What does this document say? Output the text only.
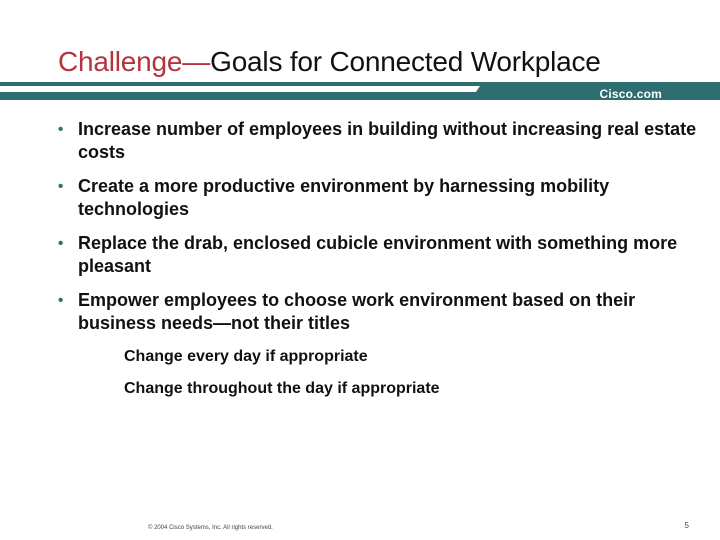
Challenge—Goals for Connected Workplace
Cisco.com
• Increase number of employees in building without increasing real estate costs
• Create a more productive environment by harnessing mobility technologies
• Replace the drab, enclosed cubicle environment with something more pleasant
• Empower employees to choose work environment based on their business needs—not their titles
Change every day if appropriate
Change throughout the day if appropriate
© 2004 Cisco Systems, Inc. All rights reserved.	5
